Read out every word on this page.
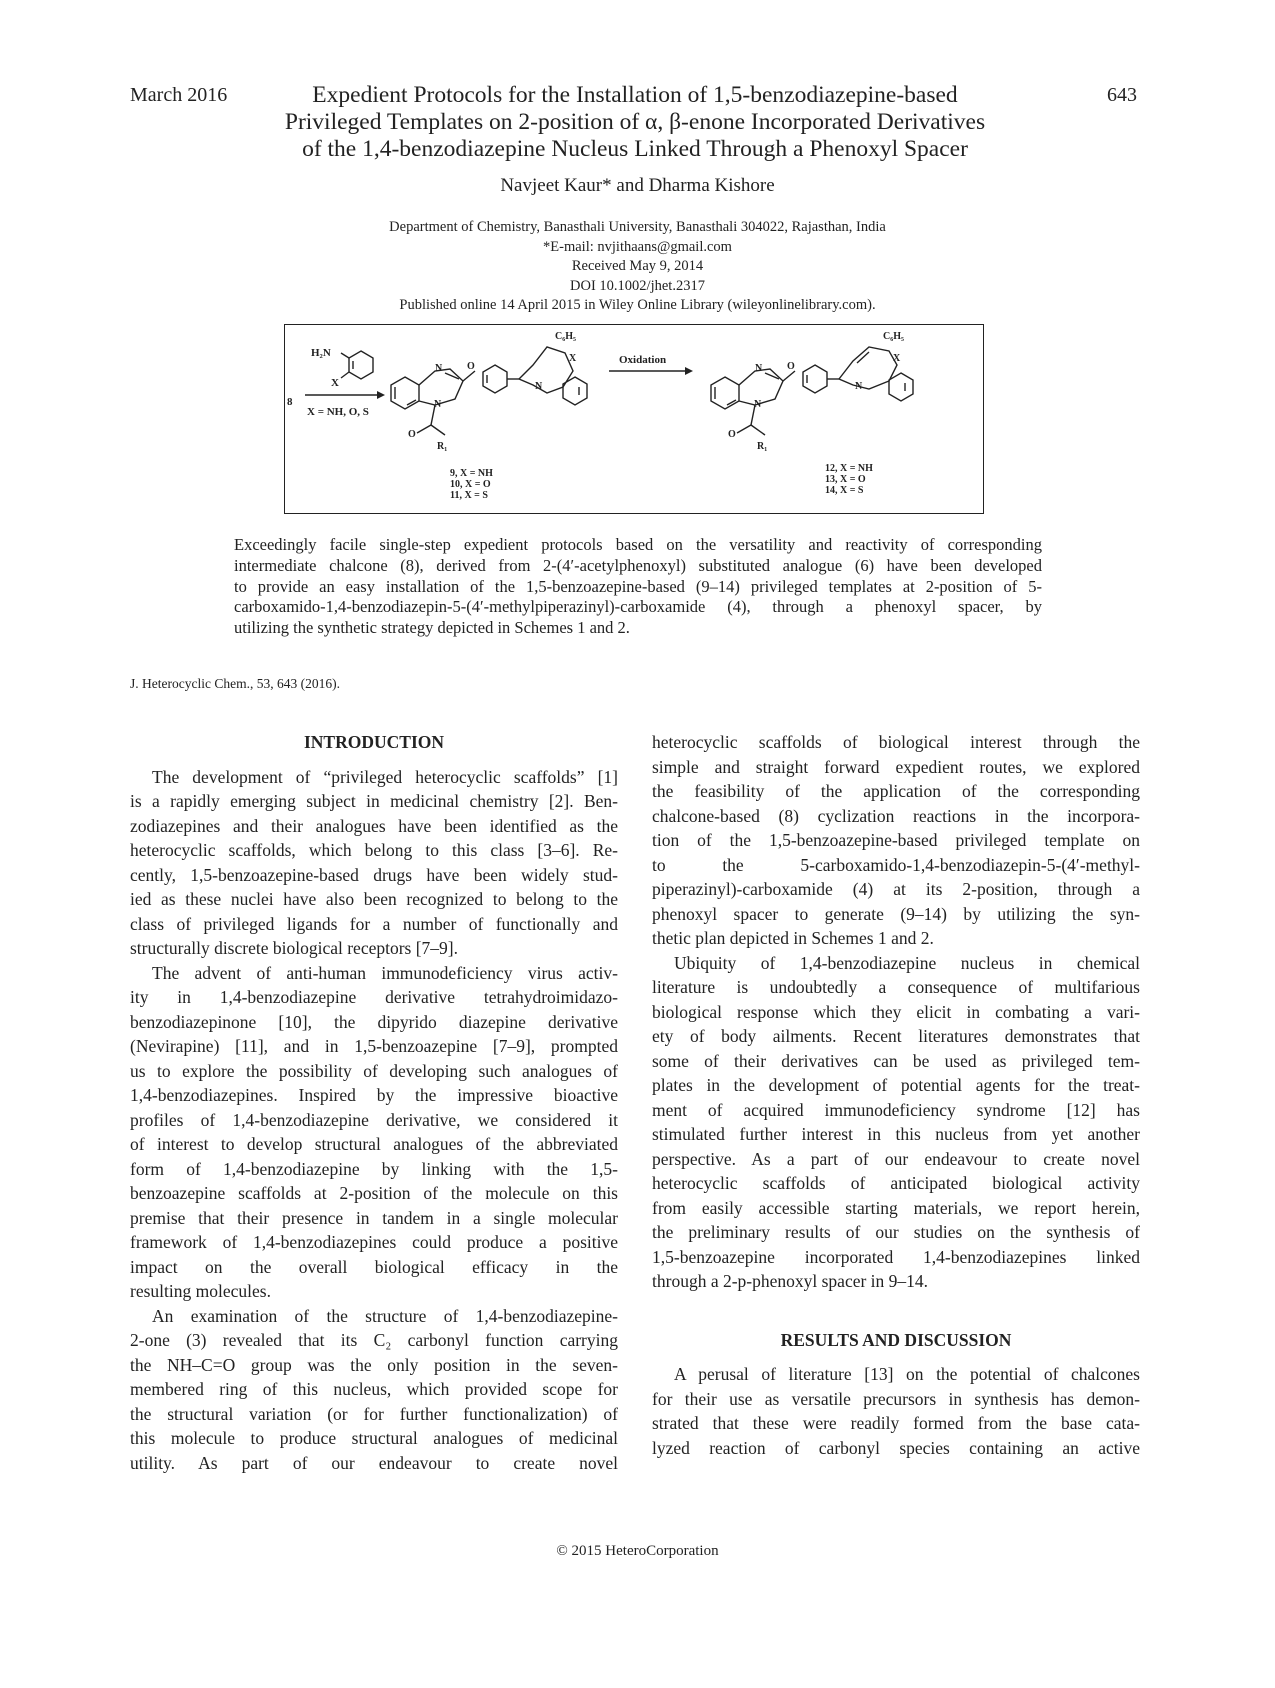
March 2016	643
Expedient Protocols for the Installation of 1,5-benzodiazepine-based
Privileged Templates on 2-position of α, β-enone Incorporated Derivatives
of the 1,4-benzodiazepine Nucleus Linked Through a Phenoxyl Spacer
Navjeet Kaur* and Dharma Kishore
Department of Chemistry, Banasthali University, Banasthali 304022, Rajasthan, India
*E-mail: nvjithaans@gmail.com
Received May 9, 2014
DOI 10.1002/jhet.2317
Published online 14 April 2015 in Wiley Online Library (wileyonlinelibrary.com).
H₂N
X
8
X = NH, O, S
N
N
O
O
R₁
N
X
C₆H₅
9, X = NH
10, X = O
11, X = S
Oxidation
N
N
O
O
R₁
N
X
C₆H₅
12, X = NH
13, X = O
14, X = S
Exceedingly facile single-step expedient protocols based on the versatility and reactivity of corresponding
intermediate chalcone (8), derived from 2-(4′-acetylphenoxyl) substituted analogue (6) have been developed
to provide an easy installation of the 1,5-benzoazepine-based (9–14) privileged templates at 2-position of 5-
carboxamido-1,4-benzodiazepin-5-(4′-methylpiperazinyl)-carboxamide (4), through a phenoxyl spacer, by
utilizing the synthetic strategy depicted in Schemes 1 and 2.
J. Heterocyclic Chem., 53, 643 (2016).
INTRODUCTION
The development of “privileged heterocyclic scaffolds” [1]
is a rapidly emerging subject in medicinal chemistry [2]. Ben-
zodiazepines and their analogues have been identified as the
heterocyclic scaffolds, which belong to this class [3–6]. Re-
cently, 1,5-benzoazepine-based drugs have been widely stud-
ied as these nuclei have also been recognized to belong to the
class of privileged ligands for a number of functionally and
structurally discrete biological receptors [7–9].
The advent of anti-human immunodeficiency virus activ-
ity in 1,4-benzodiazepine derivative tetrahydroimidazo-
benzodiazepinone [10], the dipyrido diazepine derivative
(Nevirapine) [11], and in 1,5-benzoazepine [7–9], prompted
us to explore the possibility of developing such analogues of
1,4-benzodiazepines. Inspired by the impressive bioactive
profiles of 1,4-benzodiazepine derivative, we considered it
of interest to develop structural analogues of the abbreviated
form of 1,4-benzodiazepine by linking with the 1,5-
benzoazepine scaffolds at 2-position of the molecule on this
premise that their presence in tandem in a single molecular
framework of 1,4-benzodiazepines could produce a positive
impact on the overall biological efficacy in the
resulting molecules.
An examination of the structure of 1,4-benzodiazepine-
2-one (3) revealed that its C₂ carbonyl function carrying
the NH–C=O group was the only position in the seven-
membered ring of this nucleus, which provided scope for
the structural variation (or for further functionalization) of
this molecule to produce structural analogues of medicinal
utility. As part of our endeavour to create novel
heterocyclic scaffolds of biological interest through the
simple and straight forward expedient routes, we explored
the feasibility of the application of the corresponding
chalcone-based (8) cyclization reactions in the incorpora-
tion of the 1,5-benzoazepine-based privileged template on
to the 5-carboxamido-1,4-benzodiazepin-5-(4′-methyl-
piperazinyl)-carboxamide (4) at its 2-position, through a
phenoxyl spacer to generate (9–14) by utilizing the syn-
thetic plan depicted in Schemes 1 and 2.
Ubiquity of 1,4-benzodiazepine nucleus in chemical
literature is undoubtedly a consequence of multifarious
biological response which they elicit in combating a vari-
ety of body ailments. Recent literatures demonstrates that
some of their derivatives can be used as privileged tem-
plates in the development of potential agents for the treat-
ment of acquired immunodeficiency syndrome [12] has
stimulated further interest in this nucleus from yet another
perspective. As a part of our endeavour to create novel
heterocyclic scaffolds of anticipated biological activity
from easily accessible starting materials, we report herein,
the preliminary results of our studies on the synthesis of
1,5-benzoazepine incorporated 1,4-benzodiazepines linked
through a 2-p-phenoxyl spacer in 9–14.
RESULTS AND DISCUSSION
A perusal of literature [13] on the potential of chalcones
for their use as versatile precursors in synthesis has demon-
strated that these were readily formed from the base cata-
lyzed reaction of carbonyl species containing an active
© 2015 HeteroCorporation
